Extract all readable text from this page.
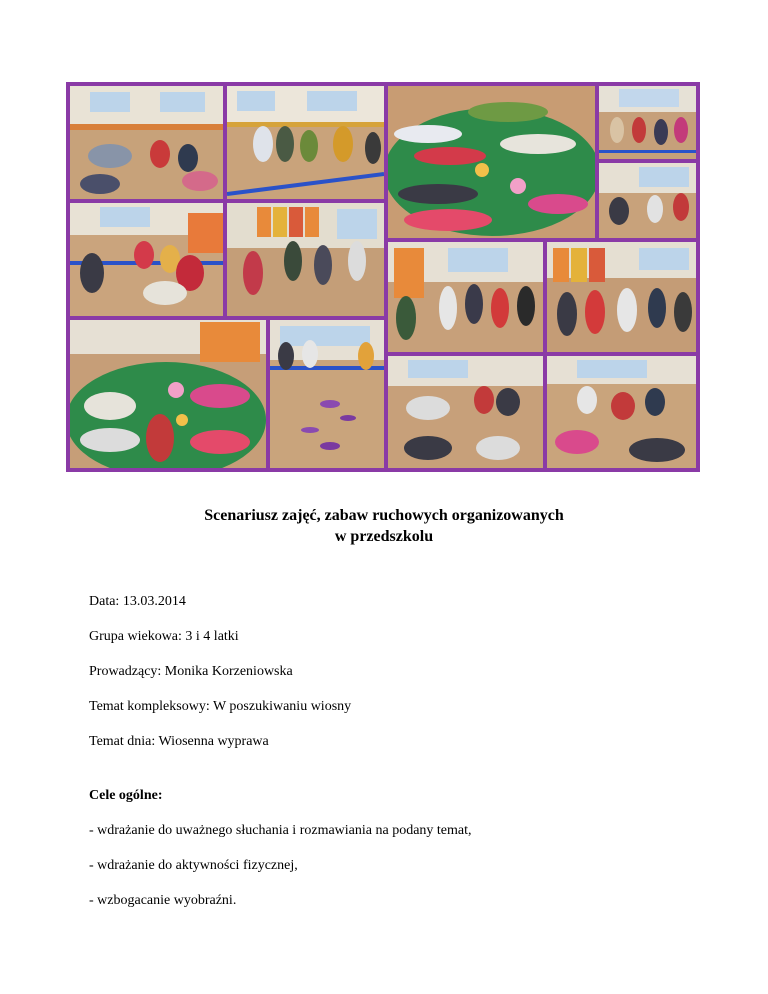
Scenariusz zajęć, zabaw ruchowych organizowanych
w przedszkolu
Data: 13.03.2014
Grupa wiekowa: 3 i 4 latki
Prowadzący: Monika Korzeniowska
Temat kompleksowy: W poszukiwaniu wiosny
Temat dnia: Wiosenna wyprawa
Cele ogólne:
- wdrażanie do uważnego słuchania i rozmawiania na podany temat,
- wdrażanie do aktywności fizycznej,
- wzbogacanie wyobraźni.
